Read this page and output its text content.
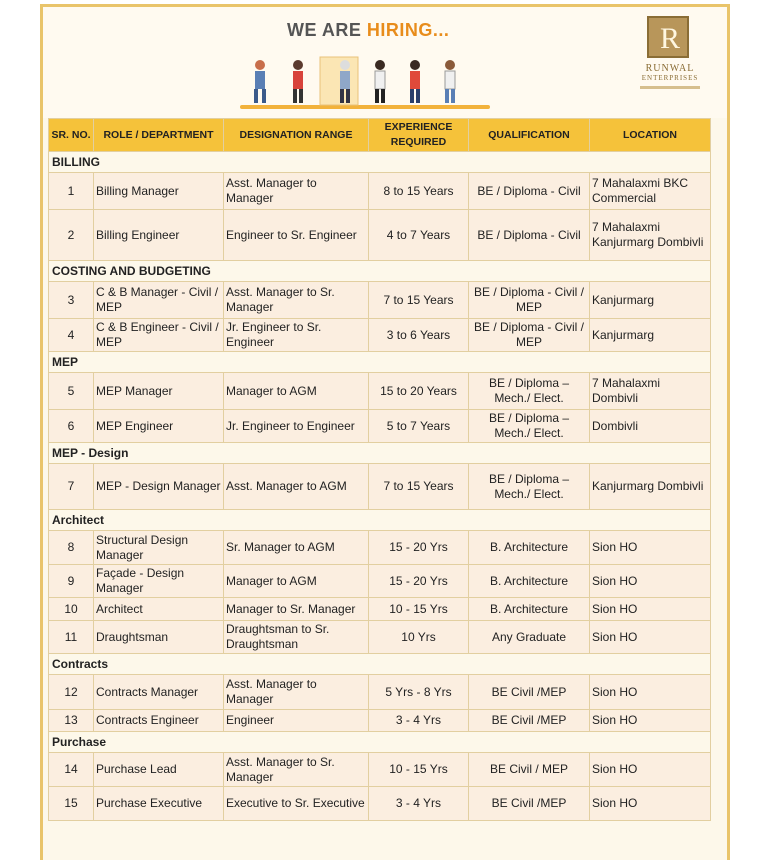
WE ARE HIRING...	R
RUNWAL
ENTERPRISES
SR. NO.	ROLE / DEPARTMENT	DESIGNATION RANGE	EXPERIENCE REQUIRED	QUALIFICATION	LOCATION
BILLING					
1	Billing Manager	Asst. Manager to Manager	8 to 15 Years	BE / Diploma - Civil	7 Mahalaxmi BKC Commercial
2	Billing Engineer	Engineer to Sr. Engineer	4 to 7 Years	BE / Diploma - Civil	7 Mahalaxmi Kanjurmarg Dombivli
COSTING AND BUDGETING					
3	C & B Manager - Civil / MEP	Asst. Manager to Sr. Manager	7 to 15 Years	BE / Diploma - Civil / MEP	Kanjurmarg
4	C & B Engineer - Civil / MEP	Jr. Engineer to Sr. Engineer	3 to 6 Years	BE / Diploma - Civil / MEP	Kanjurmarg
MEP					
5	MEP Manager	Manager to AGM	15 to 20 Years	BE / Diploma – Mech./ Elect.	7 Mahalaxmi Dombivli
6	MEP Engineer	Jr. Engineer to Engineer	5 to 7 Years	BE / Diploma – Mech./ Elect.	Dombivli
MEP - Design					
7	MEP - Design Manager	Asst. Manager to AGM	7 to 15 Years	BE / Diploma – Mech./ Elect.	Kanjurmarg Dombivli
Architect					
8	Structural Design Manager	Sr. Manager to AGM	15 - 20 Yrs	B. Architecture	Sion HO
9	Façade - Design Manager	Manager to AGM	15 - 20 Yrs	B. Architecture	Sion HO
10	Architect	Manager to Sr. Manager	10 - 15 Yrs	B. Architecture	Sion HO
11	Draughtsman	Draughtsman to Sr. Draughtsman	10 Yrs	Any Graduate	Sion HO
Contracts					
12	Contracts Manager	Asst. Manager to Manager	5 Yrs - 8 Yrs	BE Civil /MEP	Sion HO
13	Contracts Engineer	Engineer	3 - 4 Yrs	BE Civil /MEP	Sion HO
Purchase					
14	Purchase Lead	Asst. Manager to Sr. Manager	10 - 15 Yrs	BE Civil / MEP	Sion HO
15	Purchase Executive	Executive to Sr. Executive	3 - 4 Yrs	BE Civil /MEP	Sion HO
